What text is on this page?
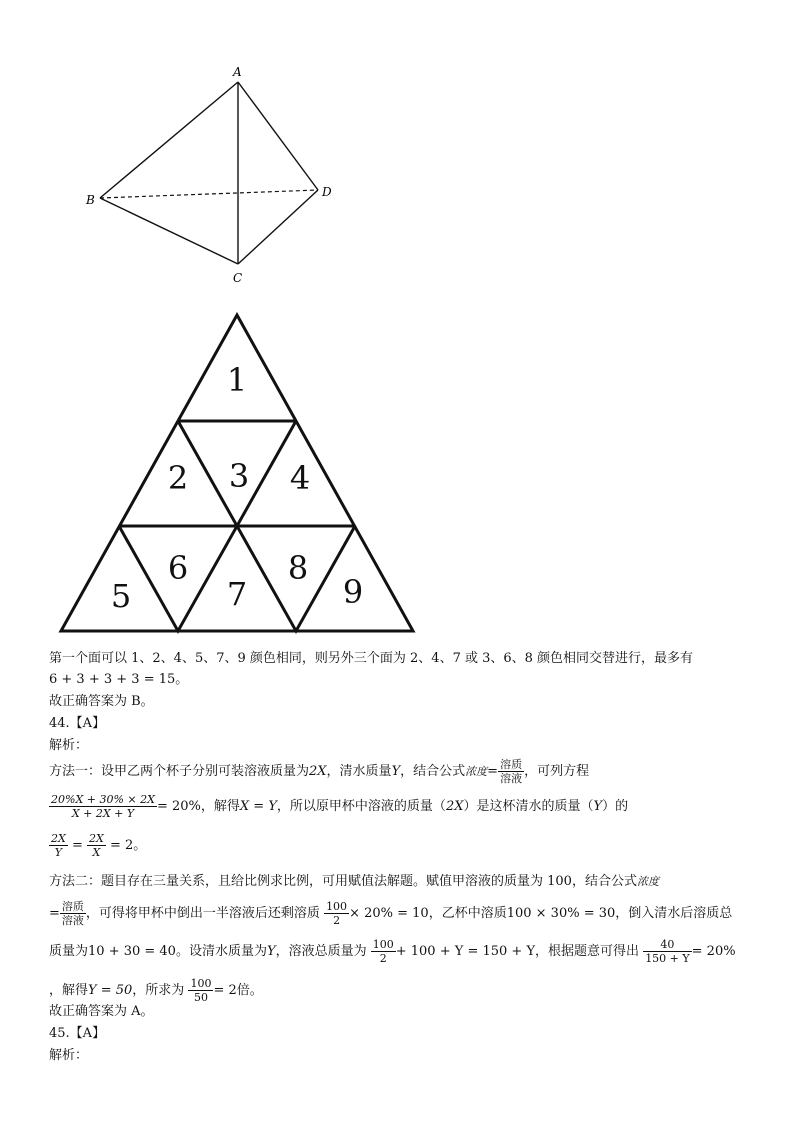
A
B
C
D
1
2 3 4
5
6
7
8
9
第一个面可以 1、2、4、5、7、9 颜色相同，则另外三个面为 2、4、7 或 3、6、8 颜色相同交替进行，最多有
6 + 3 + 3 + 3 = 15。
故正确答案为 B。
44.【A】
解析：
方法一：设甲乙两个杯子分别可装溶液质量为2X，清水质量Y，结合公式浓度= $\frac{\text{溶质}}{\text{溶液}}$ ，可列方程
$\frac{20\%X + 30\% \times 2X}{X + 2X + Y} = 20\%$，解得X = Y，所以原甲杯中溶液的质量（2X）是这杯清水的质量（Y）的
$\frac{2X}{Y} = \frac{2X}{X} = 2$。
方法二：题目存在三量关系，且给比例求比例，可用赋值法解题。赋值甲溶液的质量为 100，结合公式浓度
= $\frac{\text{溶质}}{\text{溶液}}$ ，可得将甲杯中倒出一半溶液后还剩溶质 $\frac{100}{2} \times 20\% = 10$，乙杯中溶质100 × 30% = 30，倒入清水后溶质总
质量为10 + 30 = 40。设清水质量为Y，溶液总质量为 $\frac{100}{2} + 100 + Y = 150 + Y$，根据题意可得出 $\frac{40}{150 + Y} = 20\%$
，解得Y = 50，所求为 $\frac{100}{50} = 2$倍。
故正确答案为 A。
45.【A】
解析：
